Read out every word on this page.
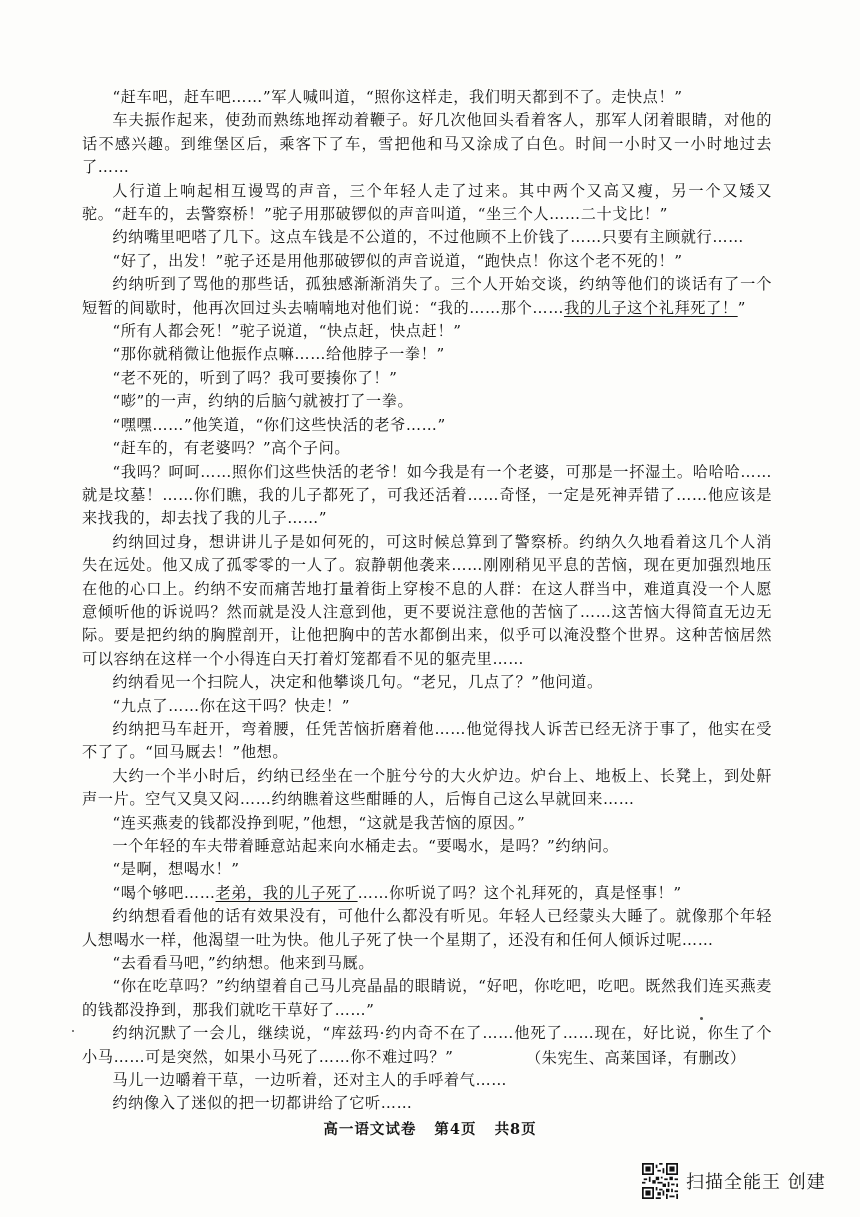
“赶车吧，赶车吧……”军人喊叫道，“照你这样走，我们明天都到不了。走快点！”

车夫振作起来，使劲而熟练地挥动着鞭子。好几次他回头看着客人，那军人闭着眼睛，对他的话不感兴趣。到维堡区后，乘客下了车，雪把他和马又涂成了白色。时间一小时又一小时地过去了……

人行道上响起相互谩骂的声音，三个年轻人走了过来。其中两个又高又瘦，另一个又矮又驼。“赶车的，去警察桥！”驼子用那破锣似的声音叫道，“坐三个人……二十戈比！”

约纳嘴里吧嗒了几下。这点车钱是不公道的，不过他顾不上价钱了……只要有主顾就行……

“好了，出发！”驼子还是用他那破锣似的声音说道，“跑快点！你这个老不死的！”

约纳听到了骂他的那些话，孤独感渐渐消失了。三个人开始交谈，约纳等他们的谈话有了一个短暂的间歇时，他再次回过头去喃喃地对他们说：“我的……那个……我的儿子这个礼拜死了！”

“所有人都会死！”驼子说道，“快点赶，快点赶！”

“那你就稍微让他振作点嘛……给他脖子一拳！”

“老不死的，听到了吗？我可要揍你了！”

“嘭”的一声，约纳的后脑勺就被打了一拳。

“嘿嘿……”他笑道，“你们这些快活的老爷……”

“赶车的，有老婆吗？”高个子问。

“我吗？呵呵……照你们这些快活的老爷！如今我是有一个老婆，可那是一抔湿土。哈哈哈……就是坟墓！……你们瞧，我的儿子都死了，可我还活着……奇怪，一定是死神弄错了……他应该是来找我的，却去找了我的儿子……”

约纳回过身，想讲讲儿子是如何死的，可这时候总算到了警察桥。约纳久久地看着这几个人消失在远处。他又成了孤零零的一人了。寂静朝他袭来……刚刚稍见平息的苦恼，现在更加强烈地压在他的心口上。约纳不安而痛苦地打量着街上穿梭不息的人群：在这人群当中，难道真没一个人愿意倾听他的诉说吗？然而就是没人注意到他，更不要说注意他的苦恼了……这苦恼大得简直无边无际。要是把约纳的胸膛剖开，让他把胸中的苦水都倒出来，似乎可以淹没整个世界。这种苦恼居然可以容纳在这样一个小得连白天打着灯笼都看不见的躯壳里……

约纳看见一个扫院人，决定和他攀谈几句。“老兄，几点了？”他问道。

“九点了……你在这干吗？快走！”

约纳把马车赶开，弯着腰，任凭苦恼折磨着他……他觉得找人诉苦已经无济于事了，他实在受不了了。“回马厩去！”他想。

大约一个半小时后，约纳已经坐在一个脏兮兮的大火炉边。炉台上、地板上、长凳上，到处鼾声一片。空气又臭又闷……约纳瞧着这些酣睡的人，后悔自己这么早就回来……

“连买燕麦的钱都没挣到呢，”他想，“这就是我苦恼的原因。”

一个年轻的车夫带着睡意站起来向水桶走去。“要喝水，是吗？”约纳问。

“是啊，想喝水！”

“喝个够吧……老弟，我的儿子死了……你听说了吗？这个礼拜死的，真是怪事！”

约纳想看看他的话有效果没有，可他什么都没有听见。年轻人已经蒙头大睡了。就像那个年轻人想喝水一样，他渴望一吐为快。他儿子死了快一个星期了，还没有和任何人倾诉过呢……

“去看看马吧，”约纳想。他来到马厩。

“你在吃草吗？”约纳望着自己马儿亮晶晶的眼睛说，“好吧，你吃吧，吃吧。既然我们连买燕麦的钱都没挣到，那我们就吃干草好了……”

约纳沉默了一会儿，继续说，“库兹玛·约内奇不在了……他死了……现在，好比说，你生了个小马……可是突然，如果小马死了……你不难过吗？”

马儿一边嚼着干草，一边听着，还对主人的手呼着气……

约纳像入了迷似的把一切都讲给了它听……

（朱宪生、高莱国译，有删改）
高一语文试卷 第4页 共8页
扫描全能王 创建
